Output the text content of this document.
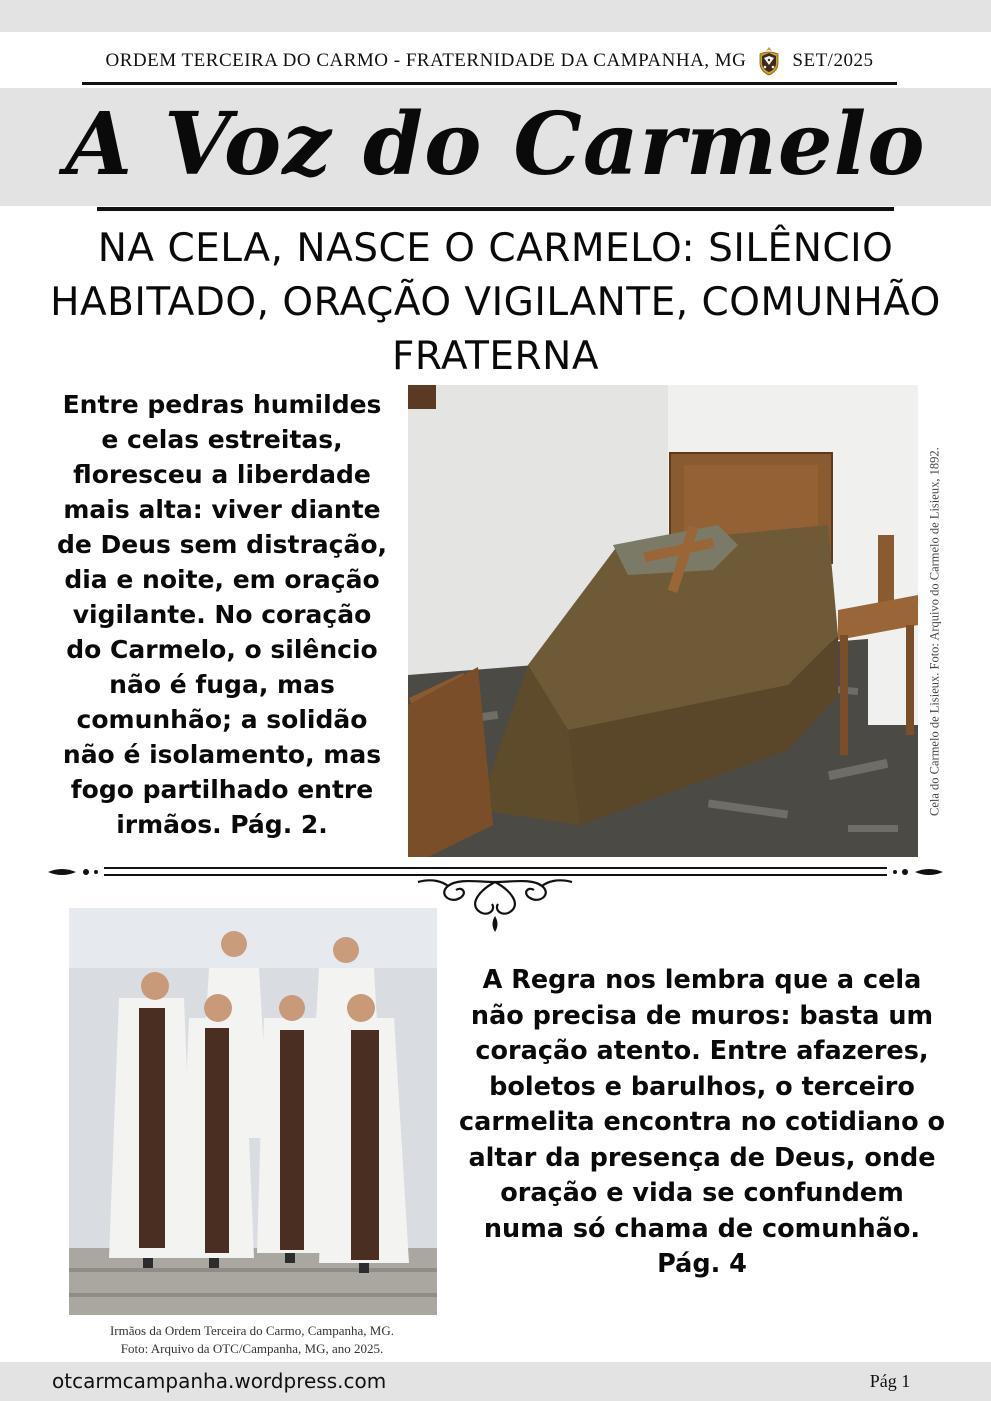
ORDEM TERCEIRA DO CARMO - FRATERNIDADE DA CAMPANHA, MG SET/2025
A Voz do Carmelo
NA CELA, NASCE O CARMELO: SILÊNCIO HABITADO, ORAÇÃO VIGILANTE, COMUNHÃO FRATERNA
Entre pedras humildes e celas estreitas, floresceu a liberdade mais alta: viver diante de Deus sem distração, dia e noite, em oração vigilante. No coração do Carmelo, o silêncio não é fuga, mas comunhão; a solidão não é isolamento, mas fogo partilhado entre irmãos. Pág. 2.
Cela do Carmelo de Lisieux. Foto: Arquivo do Carmelo de Lisieux, 1892.
Irmãos da Ordem Terceira do Carmo, Campanha, MG.
Foto: Arquivo da OTC/Campanha, MG, ano 2025.
A Regra nos lembra que a cela não precisa de muros: basta um coração atento. Entre afazeres, boletos e barulhos, o terceiro carmelita encontra no cotidiano o altar da presença de Deus, onde oração e vida se confundem numa só chama de comunhão.
Pág. 4
otcarmcampanha.wordpress.com	Pág 1
